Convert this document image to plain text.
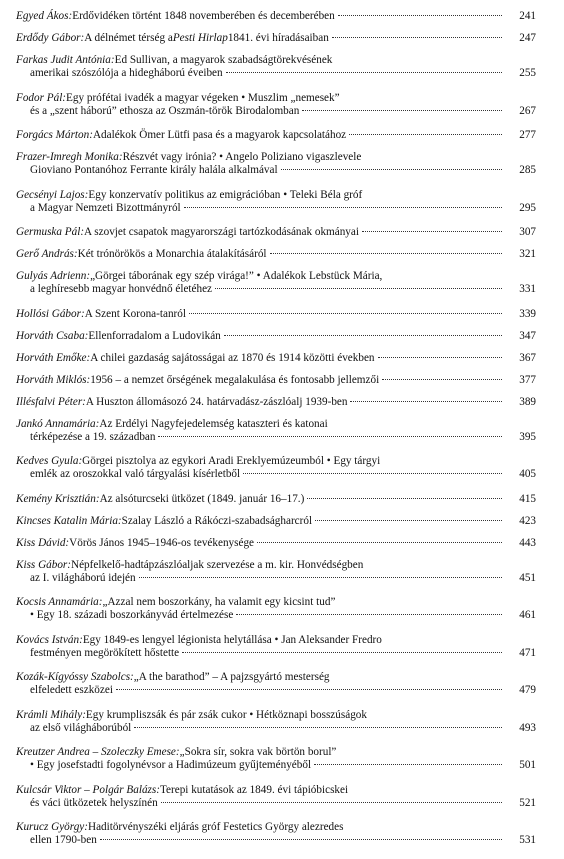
Egyed Ákos: Erdővidéken történt 1848 novemberében és decemberében	241
Erdődy Gábor: A délnémet térség a Pesti Hirlap 1841. évi híradásaiban	247
Farkas Judit Antónia: Ed Sullivan, a magyarok szabadságtörekvésének
amerikai szószólója a hidegháború éveiben	255
Fodor Pál: Egy prófétai ivadék a magyar végeken • Muszlim „nemesek”
és a „szent háború” ethosza az Oszmán-török Birodalomban	267
Forgács Márton: Adalékok Ömer Lütfi pasa és a magyarok kapcsolatához	277
Frazer-Imregh Monika: Részvét vagy irónia? • Angelo Poliziano vigaszlevele
Gioviano Pontanóhoz Ferrante király halála alkalmával	285
Gecsényi Lajos: Egy konzervatív politikus az emigrációban • Teleki Béla gróf
a Magyar Nemzeti Bizottmányról	295
Germuska Pál: A szovjet csapatok magyarországi tartózkodásának okmányai	307
Gerő András: Két trónörökös a Monarchia átalakításáról	321
Gulyás Adrienn: „Görgei táborának egy szép virága!” • Adalékok Lebstück Mária,
a leghíresebb magyar honvédnő életéhez	331
Hollósi Gábor: A Szent Korona-tanról	339
Horváth Csaba: Ellenforradalom a Ludovikán	347
Horváth Emőke: A chilei gazdaság sajátosságai az 1870 és 1914 közötti években	367
Horváth Miklós: 1956 – a nemzet őrségének megalakulása és fontosabb jellemzői	377
Illésfalvi Péter: A Huszton állomásozó 24. határvadász-zászlóalj 1939-ben	389
Jankó Annamária: Az Erdélyi Nagyfejedelemség kataszteri és katonai
térképezése a 19. században	395
Kedves Gyula: Görgei pisztolya az egykori Aradi Ereklyemúzeumból • Egy tárgyi
emlék az oroszokkal való tárgyalási kísérletből	405
Kemény Krisztián: Az alsóturcseki ütközet (1849. január 16–17.)	415
Kincses Katalin Mária: Szalay László a Rákóczi-szabadságharcról	423
Kiss Dávid: Vörös János 1945–1946-os tevékenysége	443
Kiss Gábor: Népfelkelő-hadtápzászlóaljak szervezése a m. kir. Honvédségben
az I. világháború idején	451
Kocsis Annamária: „Azzal nem boszorkány, ha valamit egy kicsint tud”
• Egy 18. századi boszorkányvád értelmezése	461
Kovács István: Egy 1849-es lengyel légionista helytállása • Jan Aleksander Fredro
festményen megörökített hőstette	471
Kozák-Kígyóssy Szabolcs: „A the barathod” – A pajzsgyártó mesterség
elfeledett eszközei	479
Krámli Mihály: Egy krumpliszsák és pár zsák cukor • Hétköznapi bosszúságok
az első világháborúból	493
Kreutzer Andrea – Szoleczky Emese: „Sokra sír, sokra vak börtön borul”
• Egy josefstadti fogolynévsor a Hadimúzeum gyűjteményéből	501
Kulcsár Viktor – Polgár Balázs: Terepi kutatások az 1849. évi tápióbicskei
és váci ütközetek helyszínén	521
Kurucz György: Haditörvényszéki eljárás gróf Festetics György alezredes
ellen 1790-ben	531
